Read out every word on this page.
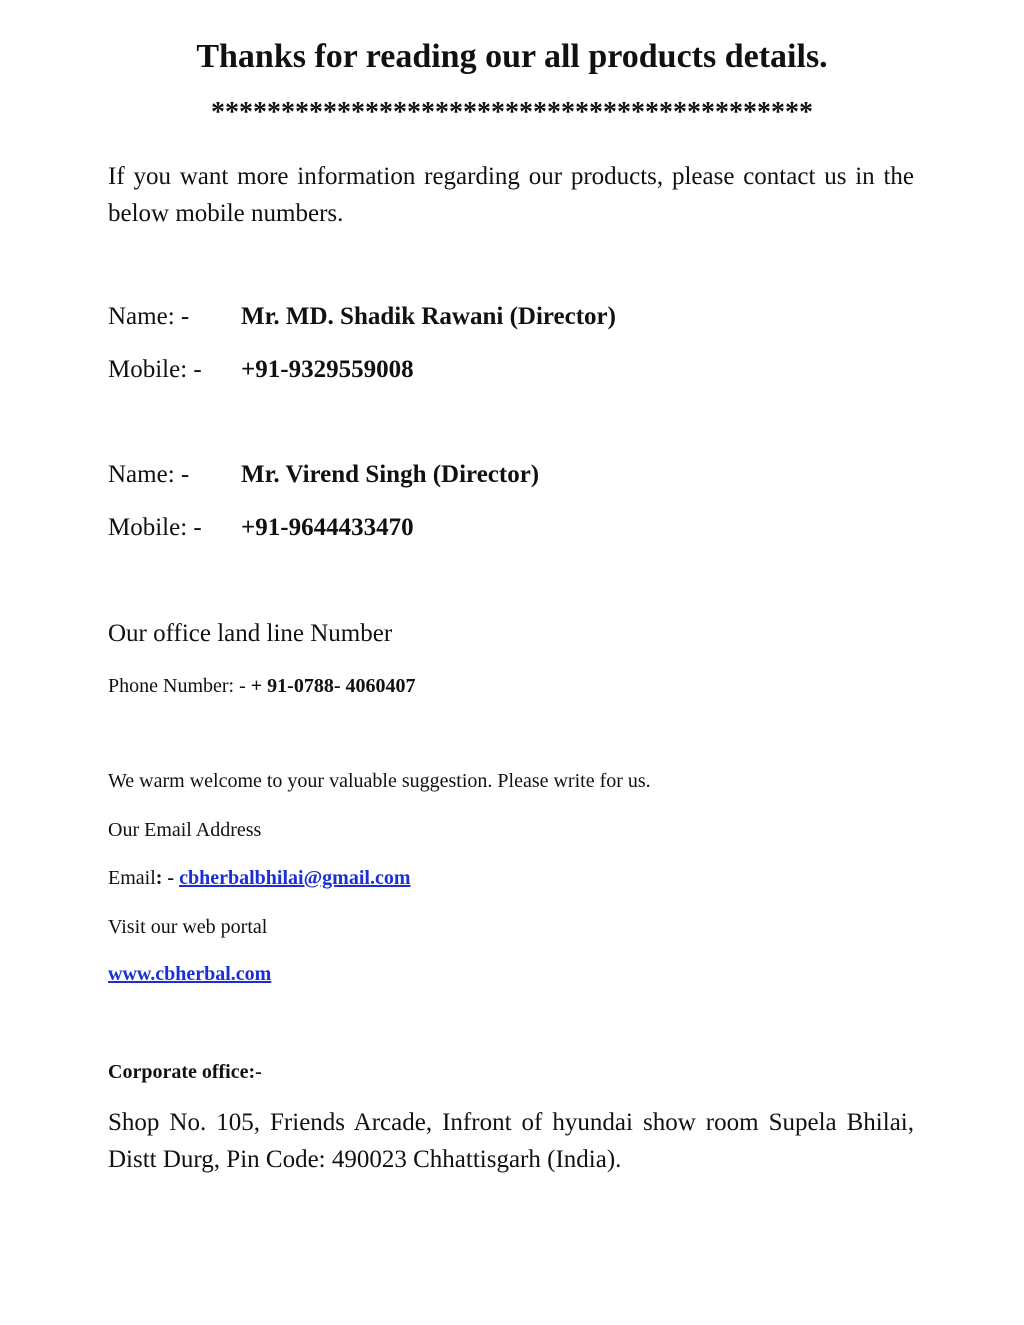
Thanks for reading our all products details.
*******************************************

If you want more information regarding our products, please contact us in the below mobile numbers.

Name: - Mr. MD. Shadik Rawani (Director)
Mobile: - +91-9329559008
Name: - Mr. Virend Singh (Director)
Mobile: - +91-9644433470
Our office land line Number
Phone Number: - + 91-0788- 4060407
We warm welcome to your valuable suggestion. Please write for us.
Our Email Address
Email: - cbherbalbhilai@gmail.com
Visit our web portal
www.cbherbal.com
Corporate office:-

Shop No. 105, Friends Arcade, Infront of hyundai show room Supela Bhilai, Distt Durg, Pin Code: 490023 Chhattisgarh (India).
